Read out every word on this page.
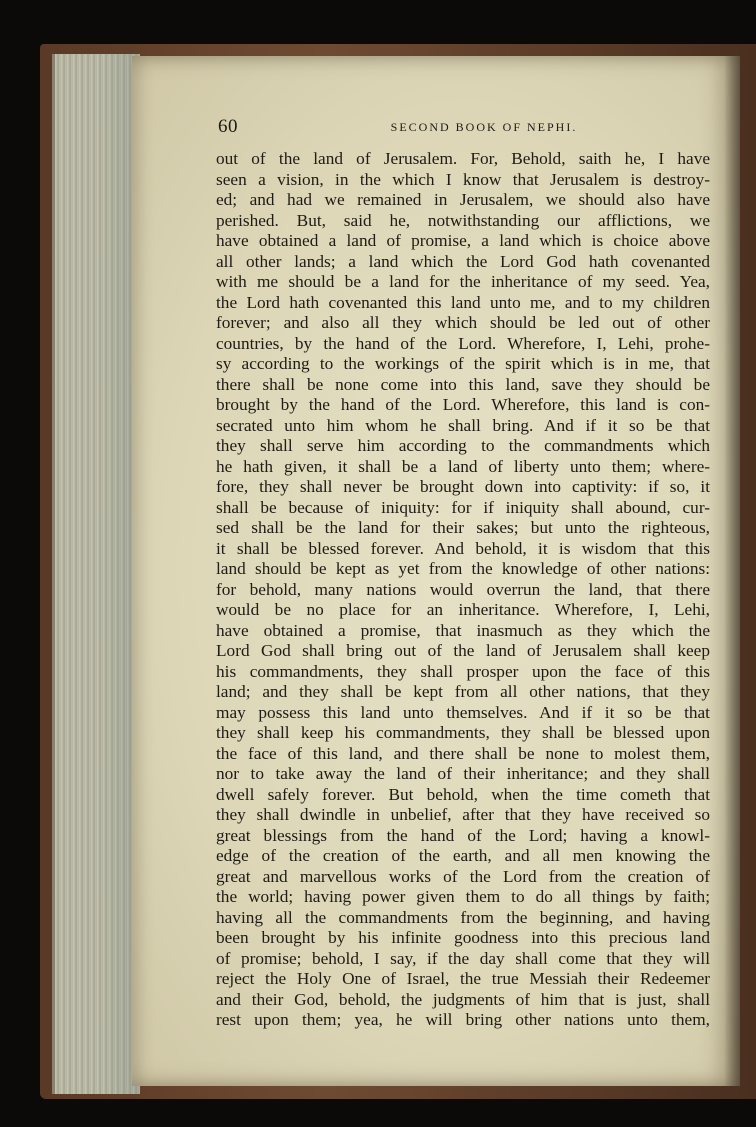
60	SECOND BOOK OF NEPHI.
out of the land of Jerusalem. For, Behold, saith he, I have
seen a vision, in the which I know that Jerusalem is destroy-
ed; and had we remained in Jerusalem, we should also have
perished. But, said he, notwithstanding our afflictions, we
have obtained a land of promise, a land which is choice above
all other lands; a land which the Lord God hath covenanted
with me should be a land for the inheritance of my seed. Yea,
the Lord hath covenanted this land unto me, and to my children
forever; and also all they which should be led out of other
countries, by the hand of the Lord. Wherefore, I, Lehi, prohe-
sy according to the workings of the spirit which is in me, that
there shall be none come into this land, save they should be
brought by the hand of the Lord. Wherefore, this land is con-
secrated unto him whom he shall bring. And if it so be that
they shall serve him according to the commandments which
he hath given, it shall be a land of liberty unto them; where-
fore, they shall never be brought down into captivity: if so, it
shall be because of iniquity: for if iniquity shall abound, cur-
sed shall be the land for their sakes; but unto the righteous,
it shall be blessed forever. And behold, it is wisdom that this
land should be kept as yet from the knowledge of other nations:
for behold, many nations would overrun the land, that there
would be no place for an inheritance. Wherefore, I, Lehi,
have obtained a promise, that inasmuch as they which the
Lord God shall bring out of the land of Jerusalem shall keep
his commandments, they shall prosper upon the face of this
land; and they shall be kept from all other nations, that they
may possess this land unto themselves. And if it so be that
they shall keep his commandments, they shall be blessed upon
the face of this land, and there shall be none to molest them,
nor to take away the land of their inheritance; and they shall
dwell safely forever. But behold, when the time cometh that
they shall dwindle in unbelief, after that they have received so
great blessings from the hand of the Lord; having a knowl-
edge of the creation of the earth, and all men knowing the
great and marvellous works of the Lord from the creation of
the world; having power given them to do all things by faith;
having all the commandments from the beginning, and having
been brought by his infinite goodness into this precious land
of promise; behold, I say, if the day shall come that they will
reject the Holy One of Israel, the true Messiah their Redeemer
and their God, behold, the judgments of him that is just, shall
rest upon them; yea, he will bring other nations unto them,
